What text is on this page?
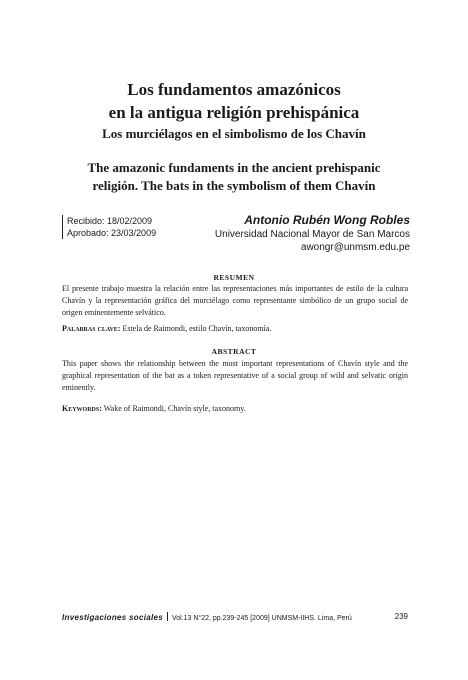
Los fundamentos amazónicos
en la antigua religión prehispánica
Los murciélagos en el simbolismo de los Chavín
The amazonic fundaments in the ancient prehispanic
religión. The bats in the symbolism of them Chavín
Recibido: 18/02/2009
Aprobado: 23/03/2009
Antonio Rubén Wong Robles
Universidad Nacional Mayor de San Marcos
awongr@unmsm.edu.pe
RESUMEN
El presente trabajo muestra la relación entre las representaciones más importantes de estilo de la cultura Chavín y la representación gráfica del murciélago como representante simbólico de un grupo social de origen eminentemente selvático.
Palabras clave: Estela de Raimondi, estilo Chavín, taxonomía.
ABSTRACT
This paper shows the relationship between the most important representations of Chavín style and the graphical representation of the bat as a token representative of a social group of wild and selvatic origin eminently.
Keywords: Wake of Raimondi, Chavín style, taxonomy.
Investigaciones sociales Vol.13 N°22, pp.239-245 [2009] UNMSM-IIHS. Lima, Perú	239
